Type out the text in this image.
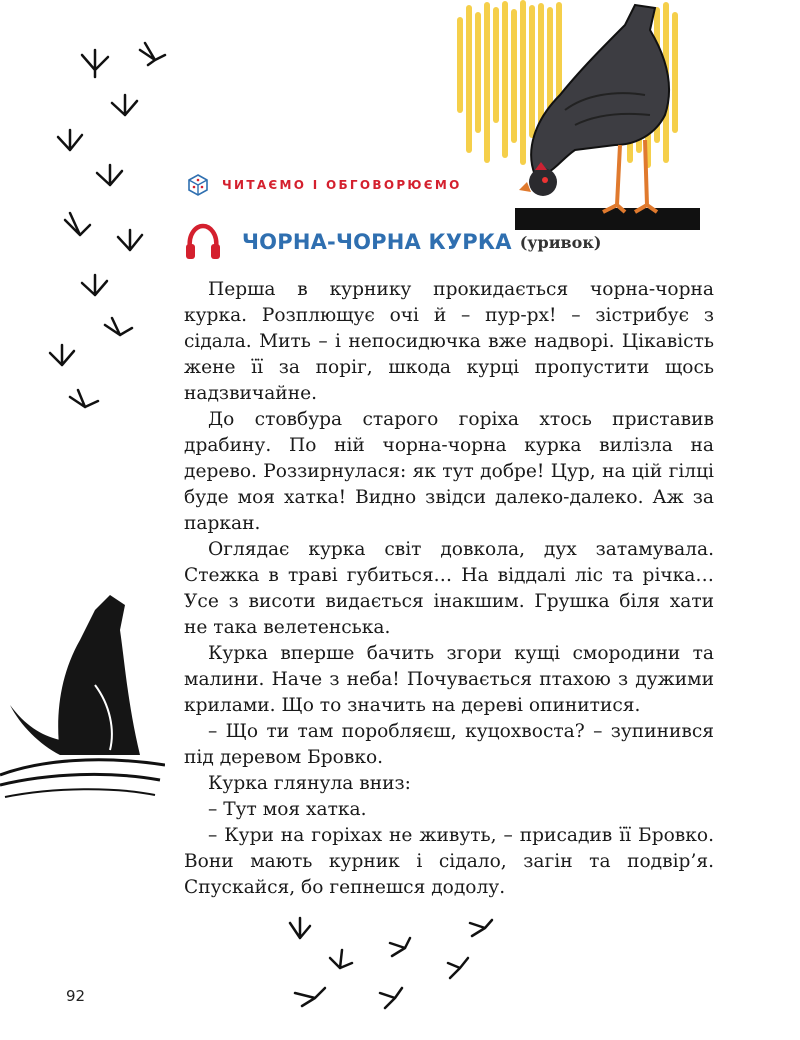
ЧИТАЄМО І ОБГОВОРЮЄМО
ЧОРНА-ЧОРНА КУРКА (уривок)

Перша в курнику прокидається чорна-чорна курка. Розплющує очі й – пур-рх! – зістрибує з сідала. Мить – і непосидючка вже надворі. Цікавість жене її за поріг, шкода курці пропустити щось надзвичайне.

До стовбура старого горіха хтось приставив драбину. По ній чорна-чорна курка вилізла на дерево. Роззирнулася: як тут добре! Цур, на цій гілці буде моя хатка! Видно звідси далеко-далеко. Аж за паркан.

Оглядає курка світ довкола, дух затамувала. Стежка в траві губиться… На віддалі ліс та річка… Усе з висоти видається інакшим. Грушка біля хати не така велетенська.

Курка вперше бачить згори кущі смородини та малини. Наче з неба! Почувається птахою з дужими крилами. Що то значить на дереві опинитися.

– Що ти там поробляєш, куцохвоста? – зупинився під деревом Бровко.

Курка глянула вниз:

– Тут моя хатка.

– Кури на горіхах не живуть, – присадив її Бровко. Вони мають курник і сідало, загін та подвір’я. Спускайся, бо гепнешся додолу.

92
